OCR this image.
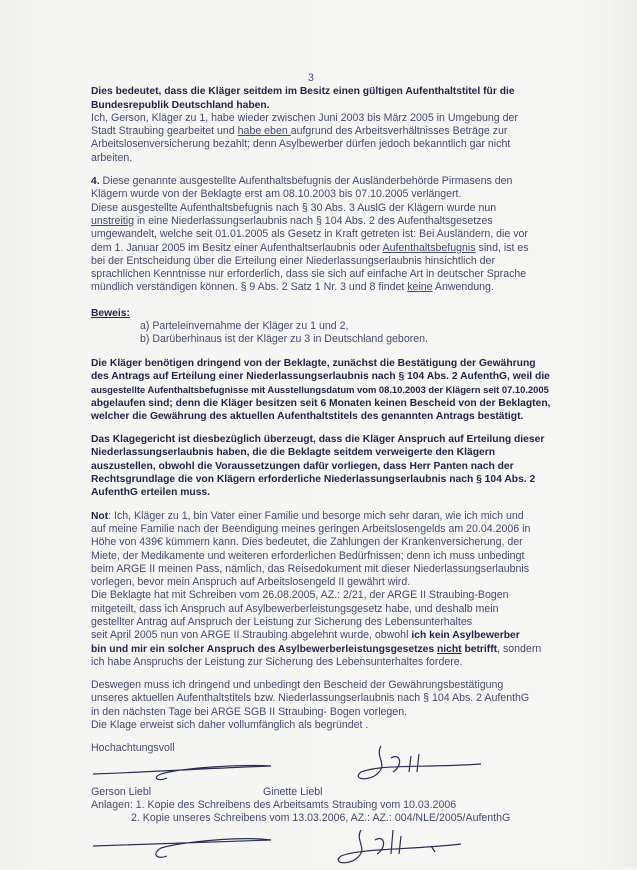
3
Dies bedeutet, dass die Kläger seitdem im Besitz einen gültigen Aufenthaltstitel für die
Bundesrepublik Deutschland haben.
Ich, Gerson, Kläger zu 1, habe wieder zwischen Juni 2003 bis März 2005 in Umgebung der
Stadt Straubing gearbeitet und habe eben aufgrund des Arbeitsverhältnisses Beträge zur
Arbeitslosenversicherung bezahlt; denn Asylbewerber dürfen jedoch bekanntlich gar nicht
arbeiten.
4. Diese genannte ausgestellte Aufenthaltsbefugnis der Ausländerbehörde Pirmasens den
Klägern wurde von der Beklagte erst am 08.10.2003 bis 07.10.2005 verlängert.
Diese ausgestellte Aufenthaltsbefugnis nach § 30 Abs. 3 AuslG der Klägern wurde nun
unstreitig in eine Niederlassungserlaubnis nach § 104 Abs. 2 des Aufenthaltsgesetzes
umgewandelt, welche seit 01.01.2005 als Gesetz in Kraft getreten ist: Bei Ausländern, die vor
dem 1. Januar 2005 im Besitz einer Aufenthaltserlaubnis oder Aufenthaltsbefugnis sind, ist es
bei der Entscheidung über die Erteilung einer Niederlassungserlaubnis hinsichtlich der
sprachlichen Kenntnisse nur erforderlich, dass sie sich auf einfache Art in deutscher Sprache
mündlich verständigen können. § 9 Abs. 2 Satz 1 Nr. 3 und 8 findet keine Anwendung.
Beweis:
a) Parteleinvernahme der Kläger zu 1 und 2,
b) Darüberhinaus ist der Kläger zu 3 in Deutschland geboren.
Die Kläger benötigen dringend von der Beklagte, zunächst die Bestätigung der Gewährung
des Antrags auf Erteilung einer Niederlassungserlaubnis nach § 104 Abs. 2 AufenthG, weil die
ausgestellte Aufenthaltsbefugnisse mit Ausstellungsdatum vom 08.10.2003 der Klägern seit 07.10.2005
abgelaufen sind; denn die Kläger besitzen seit 6 Monaten keinen Bescheid von der Beklagten,
welcher die Gewährung des aktuellen Aufenthaltstitels des genannten Antrags bestätigt.
Das Klagegericht ist diesbezüglich überzeugt, dass die Kläger Anspruch auf Erteilung dieser
Niederlassungserlaubnis haben, die die Beklagte seitdem verweigerte den Klägern
auszustellen, obwohl die Voraussetzungen dafür vorliegen, dass Herr Panten nach der
Rechtsgrundlage die von Klägern erforderliche Niederlassungserlaubnis nach § 104 Abs. 2
AufenthG erteilen muss.
Not: Ich, Kläger zu 1, bin Vater einer Familie und besorge mich sehr daran, wie ich mich und
auf meine Familie nach der Beendigung meines geringen Arbeitslosengelds am 20.04.2006 in
Höhe von 439€ kümmern kann. Dies bedeutet, die Zahlungen der Krankenversicherung, der
Miete, der Medikamente und weiteren erforderlichen Bedürfnissen; denn ich muss unbedingt
beim ARGE II meinen Pass, nämlich, das Reisedokument mit dieser Niederlassungserlaubnis
vorlegen, bevor mein Anspruch auf Arbeitslosengeld II gewährt wird.
Die Beklagte hat mit Schreiben vom 26.08.2005, AZ.: 2/21, der ARGE II Straubing-Bogen
mitgeteilt, dass ich Anspruch auf Asylbewerberleistungsgesetz habe, und deshalb mein
gestellter Antrag auf Anspruch der Leistung zur Sicherung des Lebensunterhaltes
seit April 2005 nun von ARGE II Straubing abgelehnt wurde, obwohl ich kein Asylbewerber
bin und mir ein solcher Anspruch des Asylbewerberleistungsgesetzes nicht betrifft, sondern
ich habe Anspruchs der Leistung zur Sicherung des Lebensunterhaltes fordere.
Deswegen muss ich dringend und unbedingt den Bescheid der Gewährungsbestätigung
unseres aktuellen Aufenthaltstitels bzw. Niederlassungserlaubnis nach § 104 Abs. 2 AufenthG
in den nächsten Tage bei ARGE SGB II Straubing- Bogen vorlegen.
Die Klage erweist sich daher vollumfänglich als begründet .
Hochachtungsvoll
Gerson Liebl	Ginette Liebl
Anlagen: 1. Kopie des Schreibens des Arbeitsamts Straubing vom 10.03.2006
2. Kopie unseres Schreibens vom 13.03.2006, AZ.: AZ.: 004/NLE/2005/AufenthG
